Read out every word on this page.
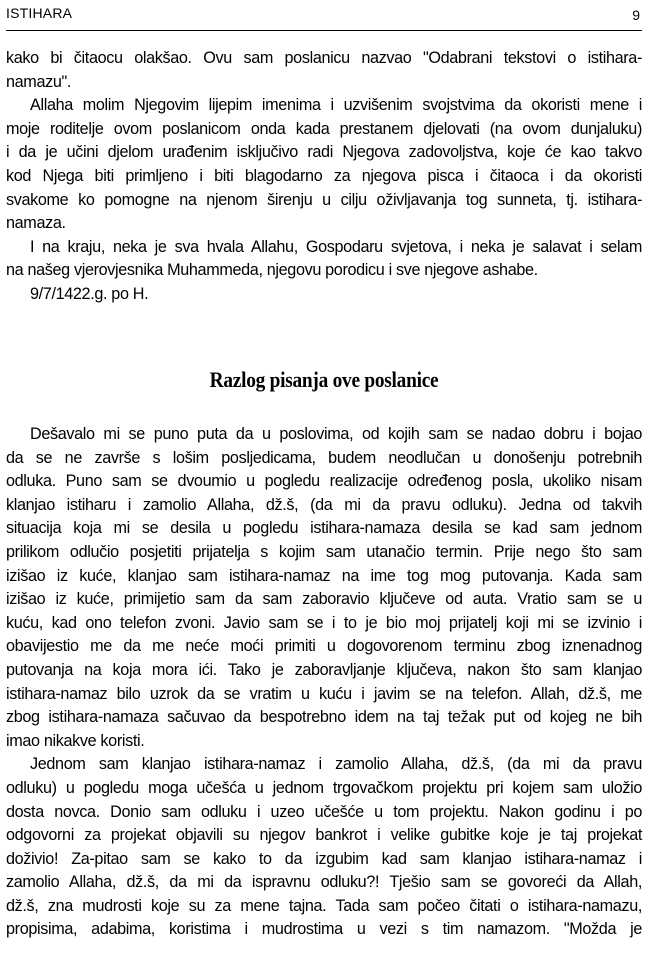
ISTIHARA	9
kako bi čitaocu olakšao. Ovu sam poslanicu nazvao "Odabrani tekstovi o istihara-
namazu".
Allaha molim Njegovim lijepim imenima i uzvišenim svojstvima da okoristi mene i
moje roditelje ovom poslanicom onda kada prestanem djelovati (na ovom dunjaluku)
i da je učini djelom urađenim isključivo radi Njegova zadovoljstva, koje će kao takvo
kod Njega biti primljeno i biti blagodarno za njegova pisca i čitaoca i da okoristi
svakome ko pomogne na njenom širenju u cilju oživljavanja tog sunneta, tj. istihara-
namaza.
I na kraju, neka je sva hvala Allahu, Gospodaru svjetova, i neka je salavat i selam
na našeg vjerovjesnika Muhammeda, njegovu porodicu i sve njegove ashabe.
9/7/1422.g. po H.
Razlog pisanja ove poslanice
Dešavalo mi se puno puta da u poslovima, od kojih sam se nadao dobru i bojao
da se ne završe s lošim posljedicama, budem neodlučan u donošenju potrebnih
odluka. Puno sam se dvoumio u pogledu realizacije određenog posla, ukoliko nisam
klanjao istiharu i zamolio Allaha, dž.š, (da mi da pravu odluku). Jedna od takvih
situacija koja mi se desila u pogledu istihara-namaza desila se kad sam jednom
prilikom odlučio posjetiti prijatelja s kojim sam utanačio termin. Prije nego što sam
izišao iz kuće, klanjao sam istihara-namaz na ime tog mog putovanja. Kada sam
izišao iz kuće, primijetio sam da sam zaboravio ključeve od auta. Vratio sam se u
kuću, kad ono telefon zvoni. Javio sam se i to je bio moj prijatelj koji mi se izvinio i
obavijestio me da me neće moći primiti u dogovorenom terminu zbog iznenadnog
putovanja na koja mora ići. Tako je zaboravljanje ključeva, nakon što sam klanjao
istihara-namaz bilo uzrok da se vratim u kuću i javim se na telefon. Allah, dž.š, me
zbog istihara-namaza sačuvao da bespotrebno idem na taj težak put od kojeg ne bih
imao nikakve koristi.
Jednom sam klanjao istihara-namaz i zamolio Allaha, dž.š, (da mi da pravu
odluku) u pogledu moga učešća u jednom trgovačkom projektu pri kojem sam uložio
dosta novca. Donio sam odluku i uzeo učešće u tom projektu. Nakon godinu i po
odgovorni za projekat objavili su njegov bankrot i velike gubitke koje je taj projekat
doživio! Za-pitao sam se kako to da izgubim kad sam klanjao istihara-namaz i
zamolio Allaha, dž.š, da mi da ispravnu odluku?! Tješio sam se govoreći da Allah,
dž.š, zna mudrosti koje su za mene tajna. Tada sam počeo čitati o istihara-namazu,
propisima, adabima, koristima i mudrostima u vezi s tim namazom. "Možda je
